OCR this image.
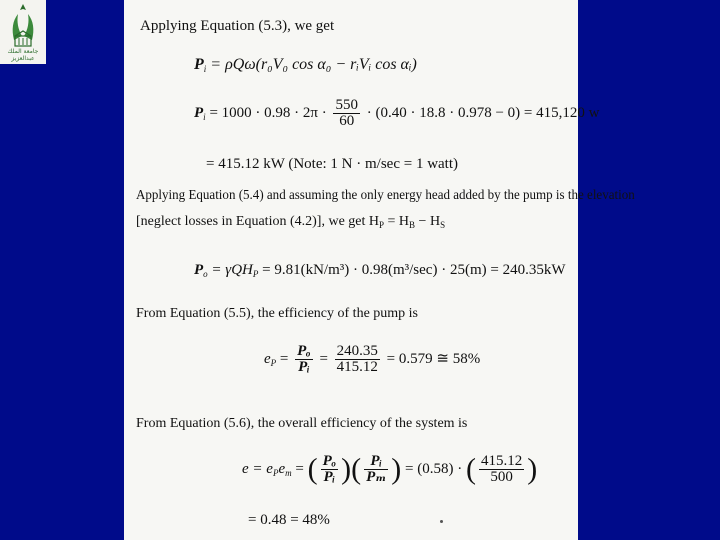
جامعة الملك عبدالعزيز
Applying Equation (5.3), we get
$P_i = \rho Q\omega(r_0V_0$ cos α₀ − rᵢVᵢ cos αᵢ)
$P_i = 1000 \cdot 0.98 \cdot 2\pi \cdot \frac{550}{60} \cdot (0.40 \cdot 18.8 \cdot 0.978 - 0) = 415,120$ w
= 415.12 kW (Note: 1 N · m/sec = 1 watt)
Applying Equation (5.4) and assuming the only energy head added by the pump is the elevation
[neglect losses in Equation (4.2)], we get $H_P = H_B - H_S$
$P_o = \gamma QH_P = 9.81(kN/m^3) \cdot 0.98(m^3/\sec) \cdot 25(m) = 240.35kW$
From Equation (5.5), the efficiency of the pump is
$e_P = \frac{\text{Pₒ}}{\text{Pᵢ}} = \frac{240.35}{415.12} = 0.579$ ≅ 58%
From Equation (5.6), the overall efficiency of the system is
$e = e_Pe_m$ = ( $\frac{\text{Pₒ}}{\text{Pᵢ}}$ )( $\frac{\text{Pᵢ}}{\text{Pₘ}}$ ) = (0.58) · ( $\frac{415.12}{500}$ )
= 0.48 = 48%
